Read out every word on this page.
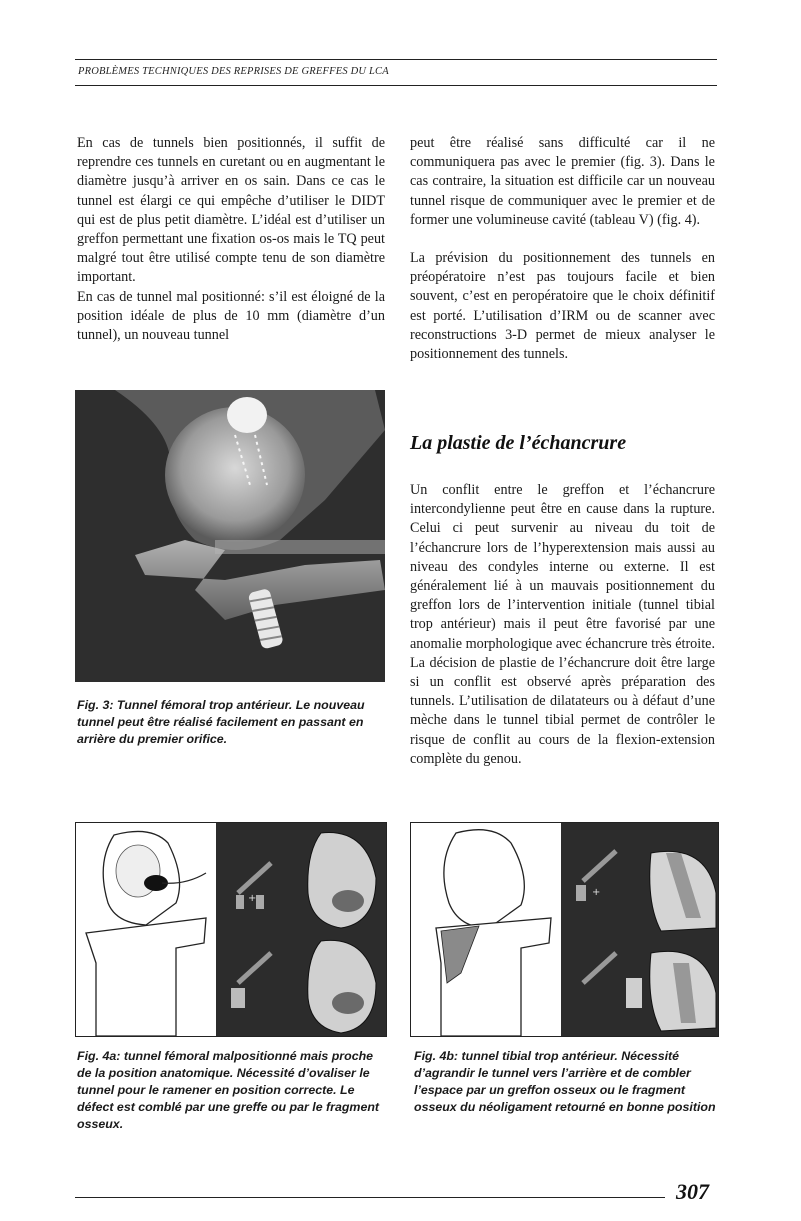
PROBLÈMES TECHNIQUES DES REPRISES DE GREFFES DU LCA

En cas de tunnels bien positionnés, il suffit de reprendre ces tunnels en curetant ou en augmentant le diamètre jusqu’à arriver en os sain. Dans ce cas le tunnel est élargi ce qui empêche d’utiliser le DIDT qui est de plus petit diamètre. L’idéal est d’utiliser un greffon permettant une fixation os-os mais le TQ peut malgré tout être utilisé compte tenu de son diamètre important.

En cas de tunnel mal positionné: s’il est éloigné de la position idéale de plus de 10 mm (diamètre d’un tunnel), un nouveau tunnel

peut être réalisé sans difficulté car il ne communiquera pas avec le premier (fig. 3). Dans le cas contraire, la situation est difficile car un nouveau tunnel risque de communiquer avec le premier et de former une volumineuse cavité (tableau V) (fig. 4).

La prévision du positionnement des tunnels en préopératoire n’est pas toujours facile et bien souvent, c’est en peropératoire que le choix définitif est porté. L’utilisation d’IRM ou de scanner avec reconstructions 3-D permet de mieux analyser le positionnement des tunnels.

La plastie de l’échancrure

Un conflit entre le greffon et l’échancrure intercondylienne peut être en cause dans la rupture. Celui ci peut survenir au niveau du toit de l’échancrure lors de l’hyperextension mais aussi au niveau des condyles interne ou externe. Il est généralement lié à un mauvais positionnement du greffon lors de l’intervention initiale (tunnel tibial trop antérieur) mais il peut être favorisé par une anomalie morphologique avec échancrure très étroite. La décision de plastie de l’échancrure doit être large si un conflit est observé après préparation des tunnels. L’utilisation de dilatateurs ou à défaut d’une mèche dans le tunnel tibial permet de contrôler le risque de conflit au cours de la flexion-extension complète du genou.

Fig. 3: Tunnel fémoral trop antérieur. Le nouveau tunnel peut être réalisé facilement en passant en arrière du premier orifice.
+
+
Fig. 4a: tunnel fémoral malpositionné mais proche de la position anatomique. Nécessité d’ovaliser le tunnel pour le ramener en position correcte. Le défect est comblé par une greffe ou par le fragment osseux.
Fig. 4b: tunnel tibial trop antérieur. Nécessité d’agrandir le tunnel vers l’arrière et de combler l’espace par un greffon osseux ou le fragment osseux du néoligament retourné en bonne position
307
